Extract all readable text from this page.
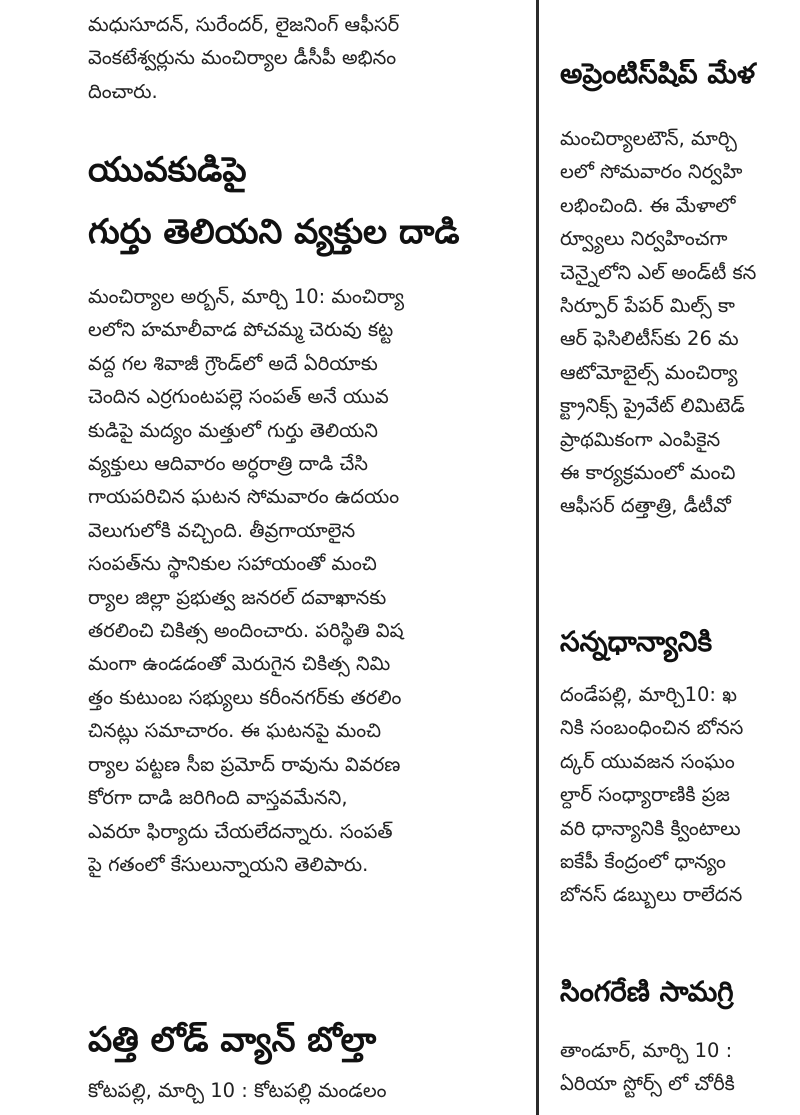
మధుసూదన్, సురేందర్, లైజనింగ్ ఆఫీసర్

వెంకటేశ్వర్లును మంచిర్యాల డీసీపీ అభినం

దించారు.

యువకుడిపై
గుర్తు తెలియని వ్యక్తుల దాడి

మంచిర్యాల అర్బన్, మార్చి 10: మంచిర్యా

లలోని హమాలీవాడ పోచమ్మ చెరువు కట్ట

వద్ద గల శివాజీ గ్రౌండ్‌లో అదే ఏరియాకు

చెందిన ఎర్రగుంటపల్లె సంపత్ అనే యువ

కుడిపై మద్యం మత్తులో గుర్తు తెలియని

వ్యక్తులు ఆదివారం అర్ధరాత్రి దాడి చేసి

గాయపరిచిన ఘటన సోమవారం ఉదయం

వెలుగులోకి వచ్చింది. తీవ్రగాయాలైన

సంపత్‌ను స్థానికుల సహాయంతో మంచి

ర్యాల జిల్లా ప్రభుత్వ జనరల్ దవాఖానకు

తరలించి చికిత్స అందించారు. పరిస్థితి విష

మంగా ఉండడంతో మెరుగైన చికిత్స నిమి

త్తం కుటుంబ సభ్యులు కరీంనగర్‌కు తరలిం

చినట్లు సమాచారం. ఈ ఘటనపై మంచి

ర్యాల పట్టణ సీఐ ప్రమోద్ రావును వివరణ

కోరగా దాడి జరిగింది వాస్తవమేనని,

ఎవరూ ఫిర్యాదు చేయలేదన్నారు. సంపత్

పై గతంలో కేసులున్నాయని తెలిపారు.

పత్తి లోడ్ వ్యాన్ బోల్తా

కోటపల్లి, మార్చి 10 : కోటపల్లి మండలం

అప్రెంటిస్‌షిప్ మేళ

మంచిర్యాలటౌన్, మార్చి

లలో సోమవారం నిర్వహి

లభించింది. ఈ మేళాలో

ర్వ్యూలు నిర్వహించగా

చెన్నైలోని ఎల్ అండ్‌టీ కన

సిర్పూర్ పేపర్ మిల్స్ కా

ఆర్ ఫెసిలిటీస్‌కు 26 మ

ఆటోమోబైల్స్ మంచిర్యా

క్ట్రానిక్స్ ప్రైవేట్ లిమిటెడ్

ప్రాథమికంగా ఎంపికైన

ఈ కార్యక్రమంలో మంచి

ఆఫీసర్ దత్తాత్రి, డీటీవో

సన్నధాన్యానికి

దండేపల్లి, మార్చి10: ఖ

నికి సంబంధించిన బోనస

ద్కర్ యువజన సంఘం

ల్దార్ సంధ్యారాణికి ప్రజ

వరి ధాన్యానికి క్వింటాలు

ఐకేపీ కేంద్రంలో ధాన్యం

బోనస్ డబ్బులు రాలేదన

సింగరేణి సామగ్రి

తాండూర్, మార్చి 10 :

ఏరియా స్టోర్స్ లో చోరీకి
